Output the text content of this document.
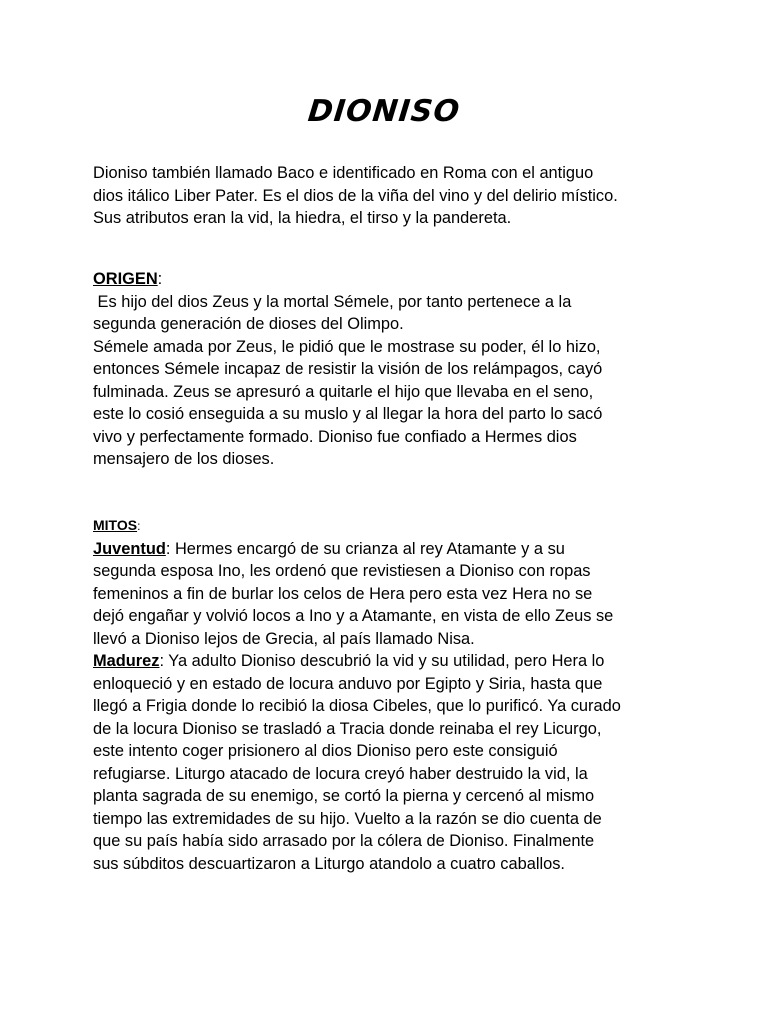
DIONISO

Dioniso también llamado Baco e identificado en Roma con el antiguo
dios itálico Liber Pater. Es el dios de la viña del vino y del delirio místico.
Sus atributos eran la vid, la hiedra, el tirso y la pandereta.

ORIGEN:
Es hijo del dios Zeus y la mortal Sémele, por tanto pertenece a la
segunda generación de dioses del Olimpo.
Sémele amada por Zeus, le pidió que le mostrase su poder, él lo hizo,
entonces Sémele incapaz de resistir la visión de los relámpagos, cayó
fulminada. Zeus se apresuró a quitarle el hijo que llevaba en el seno,
este lo cosió enseguida a su muslo y al llegar la hora del parto lo sacó
vivo y perfectamente formado. Dioniso fue confiado a Hermes dios
mensajero de los dioses.
MITOS:
Juventud: Hermes encargó de su crianza al rey Atamante y a su
segunda esposa Ino, les ordenó que revistiesen a Dioniso con ropas
femeninos a fin de burlar los celos de Hera pero esta vez Hera no se
dejó engañar y volvió locos a Ino y a Atamante, en vista de ello Zeus se
llevó a Dioniso lejos de Grecia, al país llamado Nisa.
Madurez: Ya adulto Dioniso descubrió la vid y su utilidad, pero Hera lo
enloqueció y en estado de locura anduvo por Egipto y Siria, hasta que
llegó a Frigia donde lo recibió la diosa Cibeles, que lo purificó. Ya curado
de la locura Dioniso se trasladó a Tracia donde reinaba el rey Licurgo,
este intento coger prisionero al dios Dioniso pero este consiguió
refugiarse. Liturgo atacado de locura creyó haber destruido la vid, la
planta sagrada de su enemigo, se cortó la pierna y cercenó al mismo
tiempo las extremidades de su hijo. Vuelto a la razón se dio cuenta de
que su país había sido arrasado por la cólera de Dioniso. Finalmente
sus súbditos descuartizaron a Liturgo atandolo a cuatro caballos.
